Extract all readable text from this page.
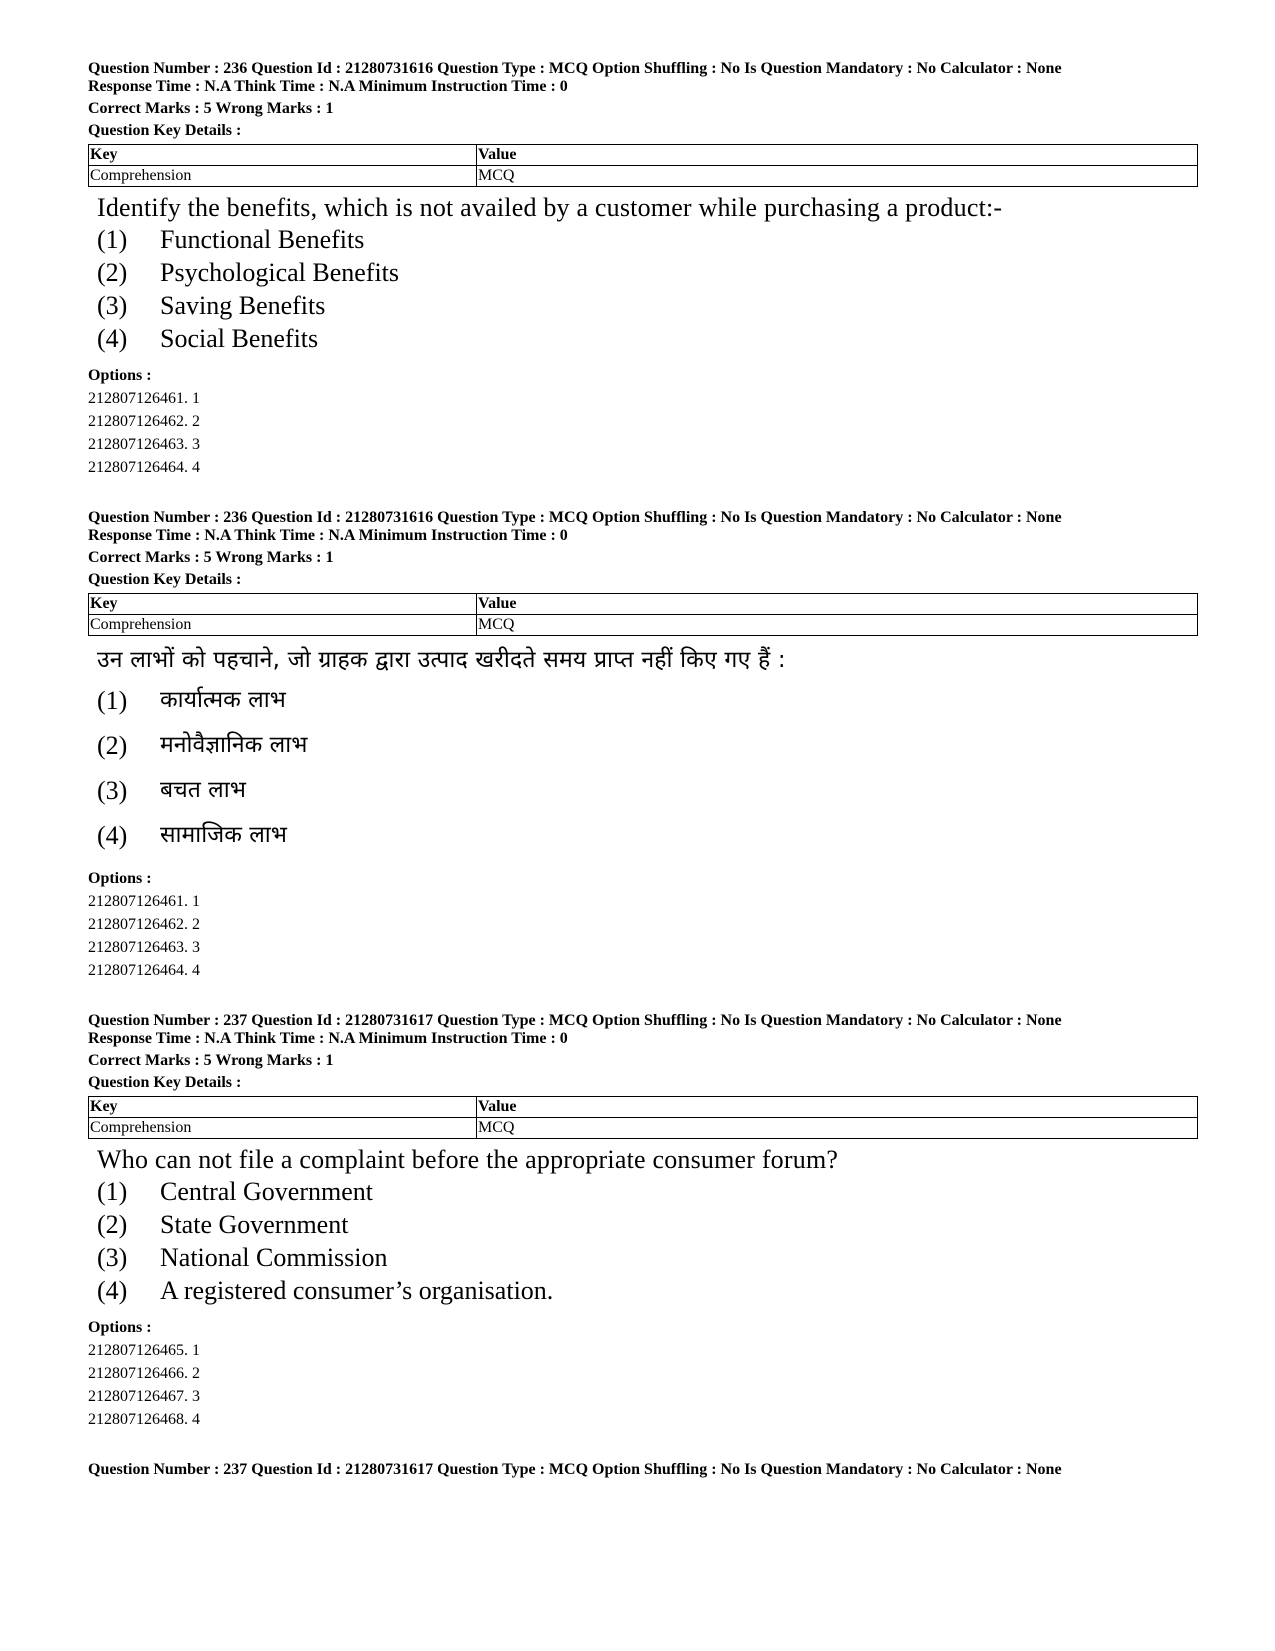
Question Number : 236 Question Id : 21280731616 Question Type : MCQ Option Shuffling : No Is Question Mandatory : No Calculator : None
Response Time : N.A Think Time : N.A Minimum Instruction Time : 0
Correct Marks : 5 Wrong Marks : 1
Question Key Details :
Key	Value
Comprehension	MCQ
Identify the benefits, which is not availed by a customer while purchasing a product:-
(1)	Functional Benefits
(2)	Psychological Benefits
(3)	Saving Benefits
(4)	Social Benefits
Options :
212807126461. 1
212807126462. 2
212807126463. 3
212807126464. 4
Question Number : 236 Question Id : 21280731616 Question Type : MCQ Option Shuffling : No Is Question Mandatory : No Calculator : None
Response Time : N.A Think Time : N.A Minimum Instruction Time : 0
Correct Marks : 5 Wrong Marks : 1
Question Key Details :
Key	Value
Comprehension	MCQ
उन लाभों को पहचाने, जो ग्राहक द्वारा उत्पाद खरीदते समय प्राप्त नहीं किए गए हैं :
(1)	कार्यात्मक लाभ
(2)	मनोवैज्ञानिक लाभ
(3)	बचत लाभ
(4)	सामाजिक लाभ
Options :
212807126461. 1
212807126462. 2
212807126463. 3
212807126464. 4
Question Number : 237 Question Id : 21280731617 Question Type : MCQ Option Shuffling : No Is Question Mandatory : No Calculator : None
Response Time : N.A Think Time : N.A Minimum Instruction Time : 0
Correct Marks : 5 Wrong Marks : 1
Question Key Details :
Key	Value
Comprehension	MCQ
Who can not file a complaint before the appropriate consumer forum?
(1)	Central Government
(2)	State Government
(3)	National Commission
(4)	A registered consumer’s organisation.
Options :
212807126465. 1
212807126466. 2
212807126467. 3
212807126468. 4
Question Number : 237 Question Id : 21280731617 Question Type : MCQ Option Shuffling : No Is Question Mandatory : No Calculator : None
